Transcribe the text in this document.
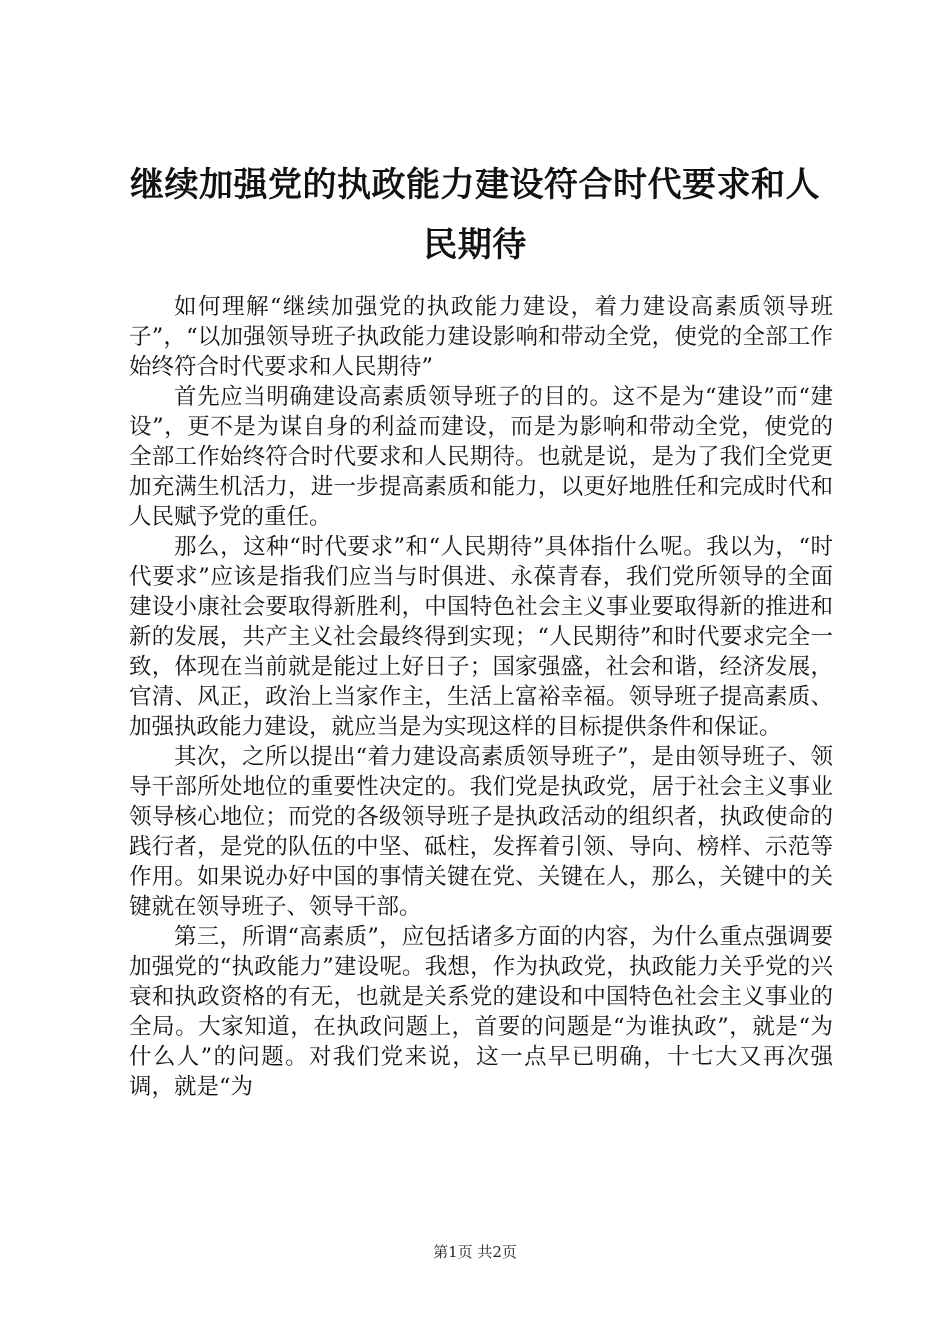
继续加强党的执政能力建设符合时代要求和人民期待

如何理解“继续加强党的执政能力建设，着力建设高素质领导班子”，“以加强领导班子执政能力建设影响和带动全党，使党的全部工作始终符合时代要求和人民期待”

首先应当明确建设高素质领导班子的目的。这不是为“建设”而“建设”，更不是为谋自身的利益而建设，而是为影响和带动全党，使党的全部工作始终符合时代要求和人民期待。也就是说，是为了我们全党更加充满生机活力，进一步提高素质和能力，以更好地胜任和完成时代和人民赋予党的重任。

那么，这种“时代要求”和“人民期待”具体指什么呢。我以为，“时代要求”应该是指我们应当与时俱进、永葆青春，我们党所领导的全面建设小康社会要取得新胜利，中国特色社会主义事业要取得新的推进和新的发展，共产主义社会最终得到实现；“人民期待”和时代要求完全一致，体现在当前就是能过上好日子；国家强盛，社会和谐，经济发展，官清、风正，政治上当家作主，生活上富裕幸福。领导班子提高素质、加强执政能力建设，就应当是为实现这样的目标提供条件和保证。

其次，之所以提出“着力建设高素质领导班子”，是由领导班子、领导干部所处地位的重要性决定的。我们党是执政党，居于社会主义事业领导核心地位；而党的各级领导班子是执政活动的组织者，执政使命的践行者，是党的队伍的中坚、砥柱，发挥着引领、导向、榜样、示范等作用。如果说办好中国的事情关键在党、关键在人，那么，关键中的关键就在领导班子、领导干部。

第三，所谓“高素质”，应包括诸多方面的内容，为什么重点强调要加强党的“执政能力”建设呢。我想，作为执政党，执政能力关乎党的兴衰和执政资格的有无，也就是关系党的建设和中国特色社会主义事业的全局。大家知道，在执政问题上，首要的问题是“为谁执政”，就是“为什么人”的问题。对我们党来说，这一点早已明确，十七大又再次强调，就是“为

第1页 共2页
